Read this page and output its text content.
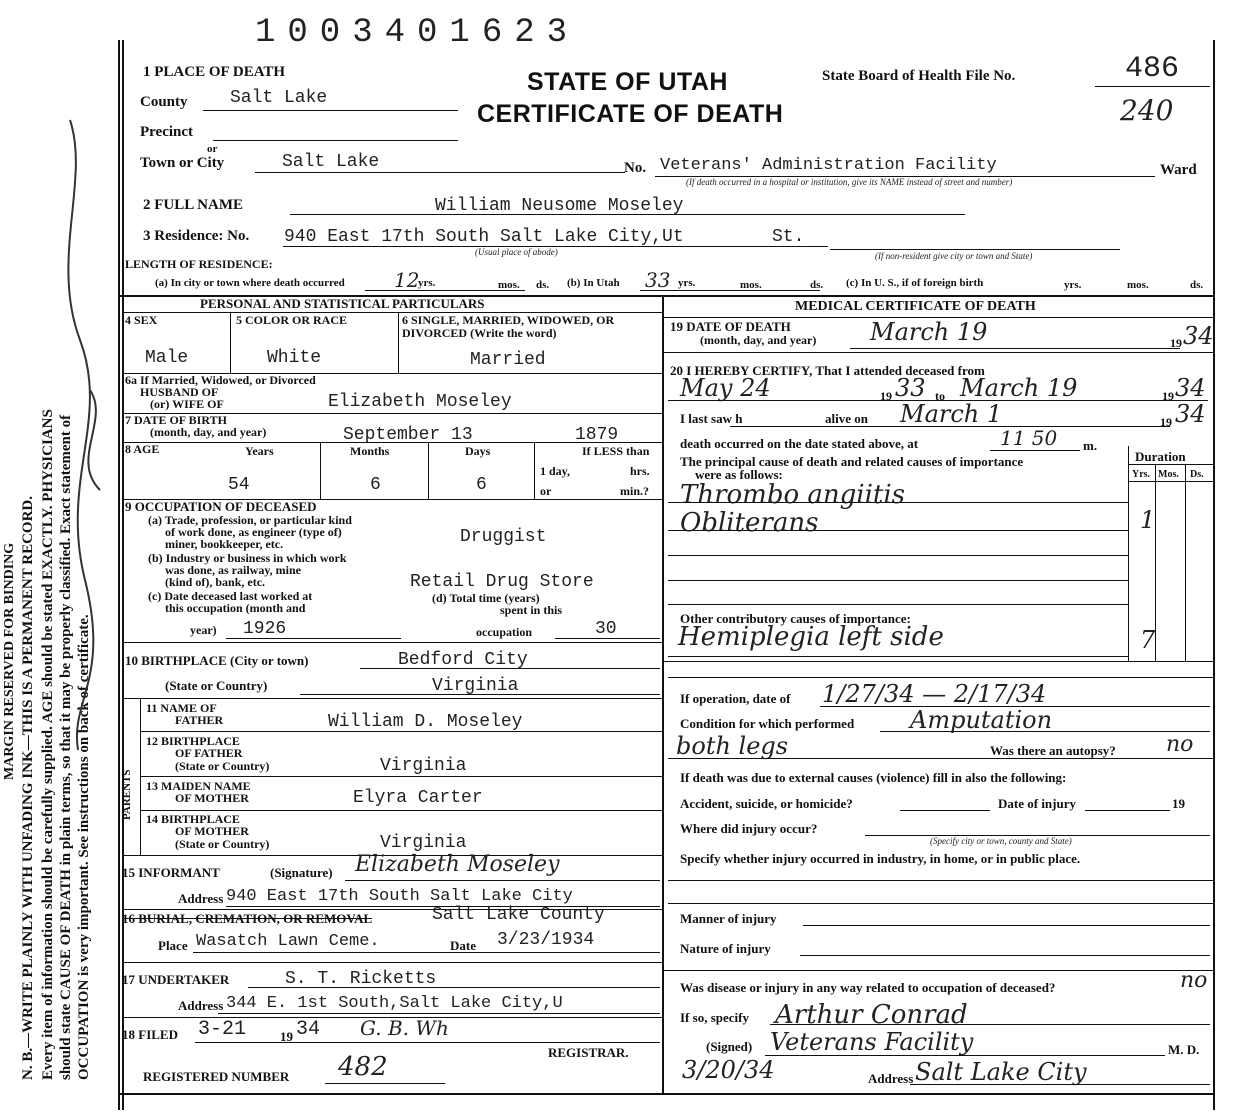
1003401623
MARGIN RESERVED FOR BINDING N. B.—WRITE PLAINLY WITH UNFADING INK—THIS IS A PERMANENT RECORD. Every item of information should be carefully supplied. AGE should be stated EXACTLY. PHYSICIANS should state CAUSE OF DEATH in plain terms, so that it may be properly classified. Exact statement of OCCUPATION is very important. See instructions on back of certificate.
1 PLACE OF DEATH	STATE OF UTAH
CERTIFICATE OF DEATH
State Board of Health File No.	486
240
County Salt Lake
Precinct
or
Town or City	Salt Lake	No. Veterans' Administration Facility
(If death occurred in a hospital or institution, give its NAME instead of street and number)
Ward
2 FULL NAME	William Neusome Moseley
3 Residence: No. 940 East 17th South Salt Lake City,Ut	St.
(Usual place of abode)	(If non-resident give city or town and State)
LENGTH OF RESIDENCE:
(a) In city or town where death occurred 12
yrs.	mos. ds. (b) In Utah 33 yrs.	mos.	ds. (c) In U. S., if of foreign birth	yrs.	mos.	ds.
PERSONAL AND STATISTICAL PARTICULARS
4 SEX	5 COLOR OR RACE	6 SINGLE, MARRIED, WIDOWED, OR DIVORCED (Write the word)
Male	White	Married
6a If Married, Widowed, or Divorced
HUSBAND OF
(or) WIFE OF	Elizabeth Moseley
7 DATE OF BIRTH
(month, day, and year)	September 13	1879
8 AGE	Years	Months	Days	If LESS than
1 day,	hrs.
or	min.?
54	6	6
9 OCCUPATION OF DECEASED
(a) Trade, profession, or particular kind
of work done, as engineer (type of)
miner, bookkeeper, etc.	Druggist
(b) Industry or business in which work
was done, as railway, mine
(kind of), bank, etc.	Retail Drug Store
(c) Date deceased last worked at
this occupation (month and
year) 1926
(d) Total time (years)
spent in this
occupation	30
10 BIRTHPLACE (City or town)	Bedford City
(State or Country)	Virginia
PARENTS
11 NAME OF
FATHER	William D. Moseley
12 BIRTHPLACE
OF FATHER
(State or Country)	Virginia
13 MAIDEN NAME
OF MOTHER	Elyra Carter
14 BIRTHPLACE
OF MOTHER
(State or Country)	Virginia
15 INFORMANT	(Signature) Elizabeth Moseley
Address 940 East 17th South Salt Lake City
16 BURIAL, CREMATION, OR REMOVAL	Salt Lake County
Place Wasatch Lawn Ceme.	Date 3/23/1934
17 UNDERTAKER	S. T. Ricketts
Address 344 E. 1st South,Salt Lake City,U
18 FILED 3-21	19 34 G. B. Wh
REGISTRAR.
REGISTERED NUMBER 482
MEDICAL CERTIFICATE OF DEATH
19 DATE OF DEATH
(month, day, and year) March 19	19 34
20 I HEREBY CERTIFY, That I attended deceased from
May 24	19 33 to March 19	19 34
I last saw h	alive on March 1	19 34
death occurred on the date stated above, at	11 50 m.
The principal cause of death and related causes of importance
were as follows:
Duration
Yrs. Mos. Ds.
Thrombo angiitis
Obliterans	1
Other contributory causes of importance:
Hemiplegia left side	7
If operation, date of 1/27/34 — 2/17/34
Condition for which performed Amputation
both legs	Was there an autopsy? no
If death was due to external causes (violence) fill in also the following:
Accident, suicide, or homicide?	Date of injury	19
Where did injury occur?
(Specify city or town, county and State)
Specify whether injury occurred in industry, in home, or in public place.
Manner of injury
Nature of injury
Was disease or injury in any way related to occupation of deceased?	no
If so, specify Arthur Conrad
(Signed) Veterans Facility	M. D.
3/20/34	Address Salt Lake City
